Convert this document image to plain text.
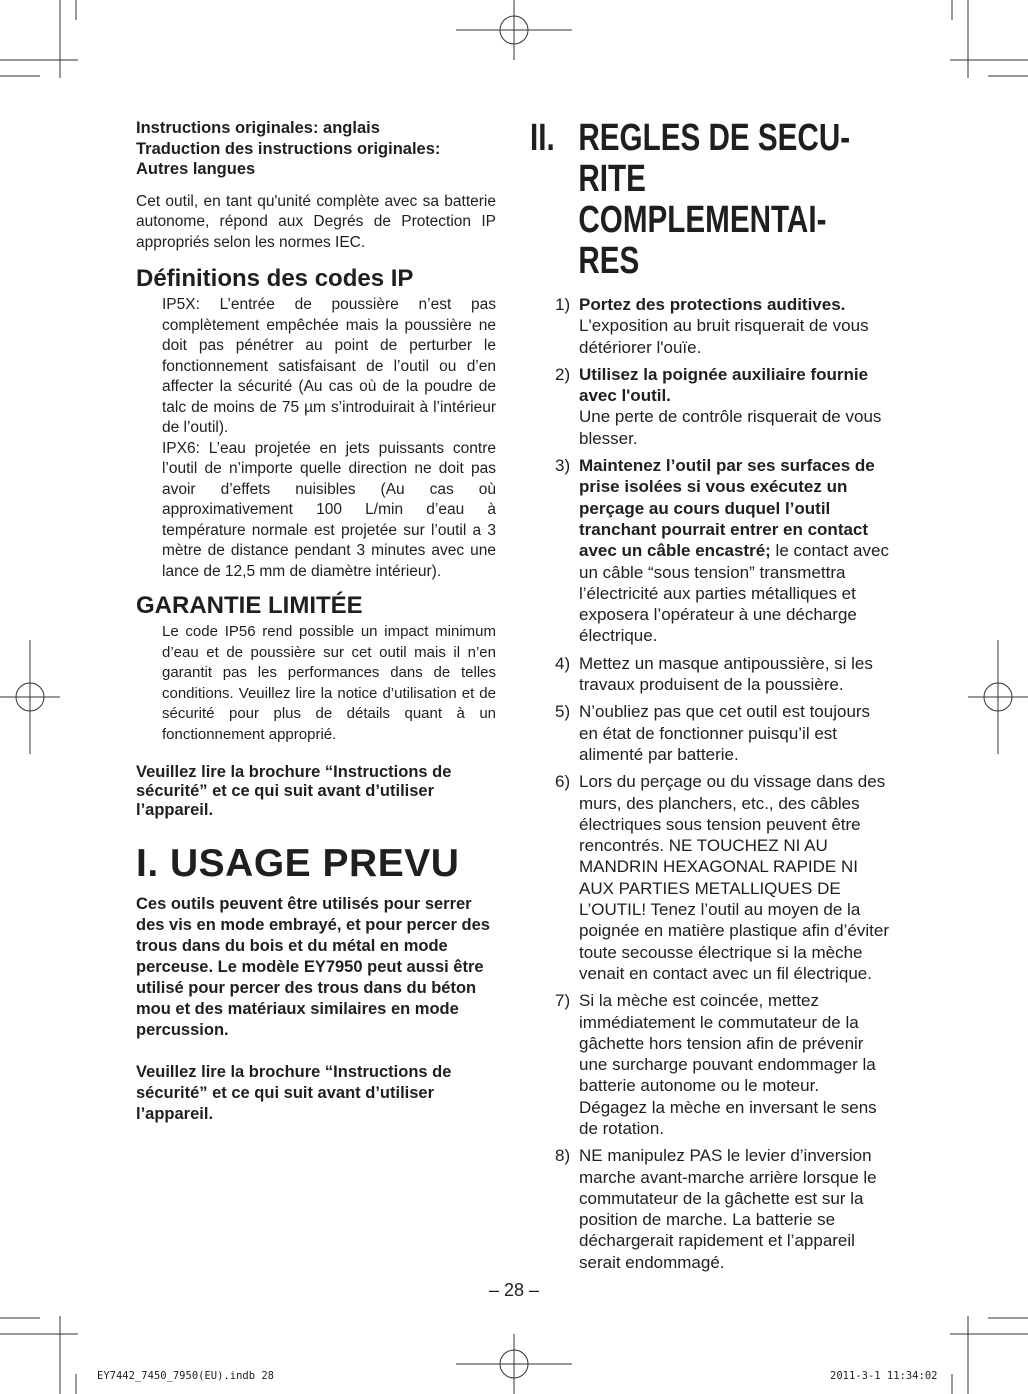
Instructions originales: anglais

Traduction des instructions originales:

Autres langues

Cet outil, en tant qu'unité complète avec sa batterie autonome, répond aux Degrés de Protection IP appropriés selon les normes IEC.

Définitions des codes IP

IP5X: L’entrée de poussière n’est pas complètement empêchée mais la poussière ne doit pas pénétrer au point de perturber le fonctionnement satisfaisant de l’outil ou d’en affecter la sécurité (Au cas où de la poudre de talc de moins de 75 µm s’introduirait à l’intérieur de l’outil).

IPX6: L’eau projetée en jets puissants contre l’outil de n’importe quelle direction ne doit pas avoir d’effets nuisibles (Au cas où approximativement 100 L/min d’eau à température normale est projetée sur l’outil a 3 mètre de distance pendant 3 minutes avec une lance de 12,5 mm de diamètre intérieur).

GARANTIE LIMITÉE

Le code IP56 rend possible un impact minimum d’eau et de poussière sur cet outil mais il n’en garantit pas les performances dans de telles conditions. Veuillez lire la notice d’utilisation et de sécurité pour plus de détails quant à un fonctionnement approprié.

Veuillez lire la brochure “Instructions de sécurité” et ce qui suit avant d’utiliser l’appareil.

I. USAGE PREVU

Ces outils peuvent être utilisés pour serrer des vis en mode embrayé, et pour percer des trous dans du bois et du métal en mode perceuse. Le modèle EY7950 peut aussi être utilisé pour percer des trous dans du béton mou et des matériaux similaires en mode percussion.

Veuillez lire la brochure “Instructions de sécurité” et ce qui suit avant d’utiliser l’appareil.

II. REGLES DE SECU-
RITE COMPLEMENTAI-
RES
1) Portez des protections auditives.
L'exposition au bruit risquerait de vous détériorer l'ouïe.
2) Utilisez la poignée auxiliaire fournie avec l'outil.
Une perte de contrôle risquerait de vous blesser.
3) Maintenez l’outil par ses surfaces de prise isolées si vous exécutez un perçage au cours duquel l’outil tranchant pourrait entrer en contact avec un câble encastré; le contact avec un câble “sous tension” transmettra l’électricité aux parties métalliques et exposera l’opérateur à une décharge électrique.
4) Mettez un masque antipoussière, si les travaux produisent de la poussière.
5) N’oubliez pas que cet outil est toujours en état de fonctionner puisqu’il est alimenté par batterie.
6) Lors du perçage ou du vissage dans des murs, des planchers, etc., des câbles électriques sous tension peuvent être rencontrés. NE TOUCHEZ NI AU MANDRIN HEXAGONAL RAPIDE NI AUX PARTIES METALLIQUES DE L’OUTIL! Tenez l’outil au moyen de la poignée en matière plastique afin d’éviter toute secousse électrique si la mèche venait en contact avec un fil électrique.
7) Si la mèche est coincée, mettez immédiatement le commutateur de la gâchette hors tension afin de prévenir une surcharge pouvant endommager la batterie autonome ou le moteur.
Dégagez la mèche en inversant le sens de rotation.
8) NE manipulez PAS le levier d’inversion marche avant-marche arrière lorsque le commutateur de la gâchette est sur la position de marche. La batterie se déchargerait rapidement et l’appareil serait endommagé.
– 28 –
EY7442_7450_7950(EU).indb 28	2011-3-1 11:34:02
